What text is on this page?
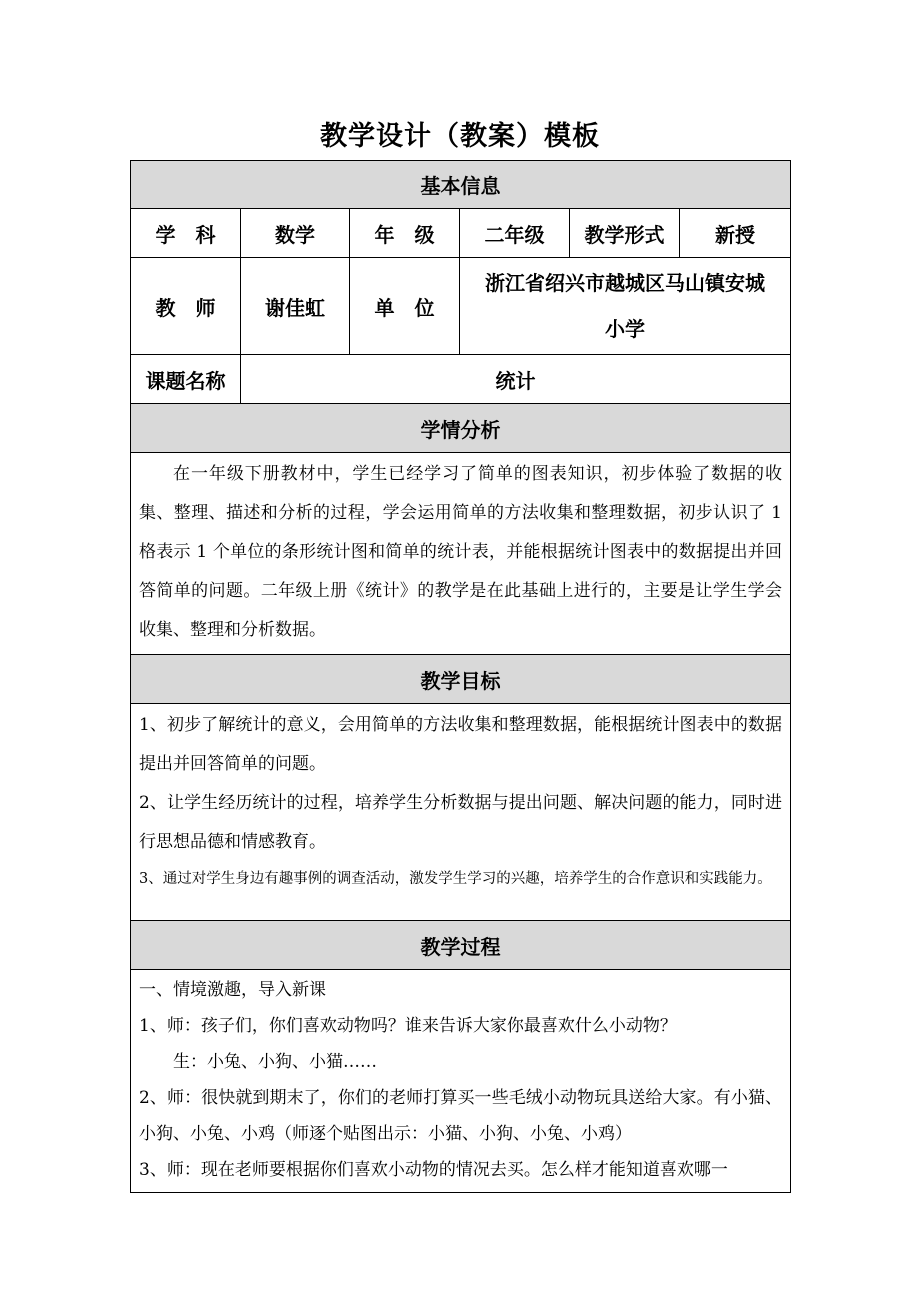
教学设计（教案）模板
基本信息					
学　科	数学	年　级	二年级	教学形式	新授
教　师	谢佳虹	单　位	浙江省绍兴市越城区马山镇安城
小学		

课题名称	统计				
学情分析					

在一年级下册教材中，学生已经学习了简单的图表知识，初步体验了数据的收集、整理、描述和分析的过程，学会运用简单的方法收集和整理数据，初步认识了 1 格表示 1 个单位的条形统计图和简单的统计表，并能根据统计图表中的数据提出并回答简单的问题。二年级上册《统计》的教学是在此基础上进行的，主要是让学生学会收集、整理和分析数据。					

教学目标					

1、初步了解统计的意义，会用简单的方法收集和整理数据，能根据统计图表中的数据提出并回答简单的问题。

2、让学生经历统计的过程，培养学生分析数据与提出问题、解决问题的能力，同时进行思想品德和情感教育。

3、通过对学生身边有趣事例的调查活动，激发学生学习的兴趣，培养学生的合作意识和实践能力。					

教学过程					

一、情境激趣，导入新课

1、师：孩子们，你们喜欢动物吗？谁来告诉大家你最喜欢什么小动物？

生：小兔、小狗、小猫……

2、师：很快就到期末了，你们的老师打算买一些毛绒小动物玩具送给大家。有小猫、小狗、小兔、小鸡（师逐个贴图出示：小猫、小狗、小兔、小鸡）

3、师：现在老师要根据你们喜欢小动物的情况去买。怎么样才能知道喜欢哪一					
